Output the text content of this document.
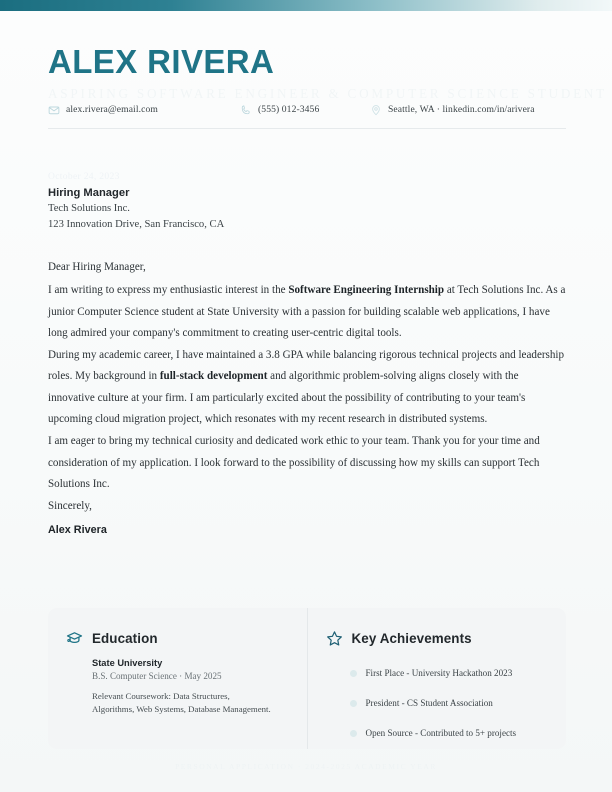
ALEX RIVERA
ASPIRING SOFTWARE ENGINEER & COMPUTER SCIENCE STUDENT
alex.rivera@email.com	(555) 012-3456	Seattle, WA · linkedin.com/in/arivera
October 24, 2023
Hiring Manager
Tech Solutions Inc.
123 Innovation Drive, San Francisco, CA

Dear Hiring Manager,

I am writing to express my enthusiastic interest in the Software Engineering Internship at Tech Solutions Inc. As a junior Computer Science student at State University with a passion for building scalable web applications, I have long admired your company's commitment to creating user-centric digital tools.

During my academic career, I have maintained a 3.8 GPA while balancing rigorous technical projects and leadership roles. My background in full-stack development and algorithmic problem-solving aligns closely with the innovative culture at your firm. I am particularly excited about the possibility of contributing to your team's upcoming cloud migration project, which resonates with my recent research in distributed systems.

I am eager to bring my technical curiosity and dedicated work ethic to your team. Thank you for your time and consideration of my application. I look forward to the possibility of discussing how my skills can support Tech Solutions Inc.

Sincerely,

Alex Rivera
Education
State University
B.S. Computer Science · May 2025
Relevant Coursework: Data Structures, Algorithms, Web Systems, Database Management.
Key Achievements
First Place - University Hackathon 2023
President - CS Student Association
Open Source - Contributed to 5+ projects
PERSONAL APPLICATION · 2024-2025 ACADEMIC YEAR
